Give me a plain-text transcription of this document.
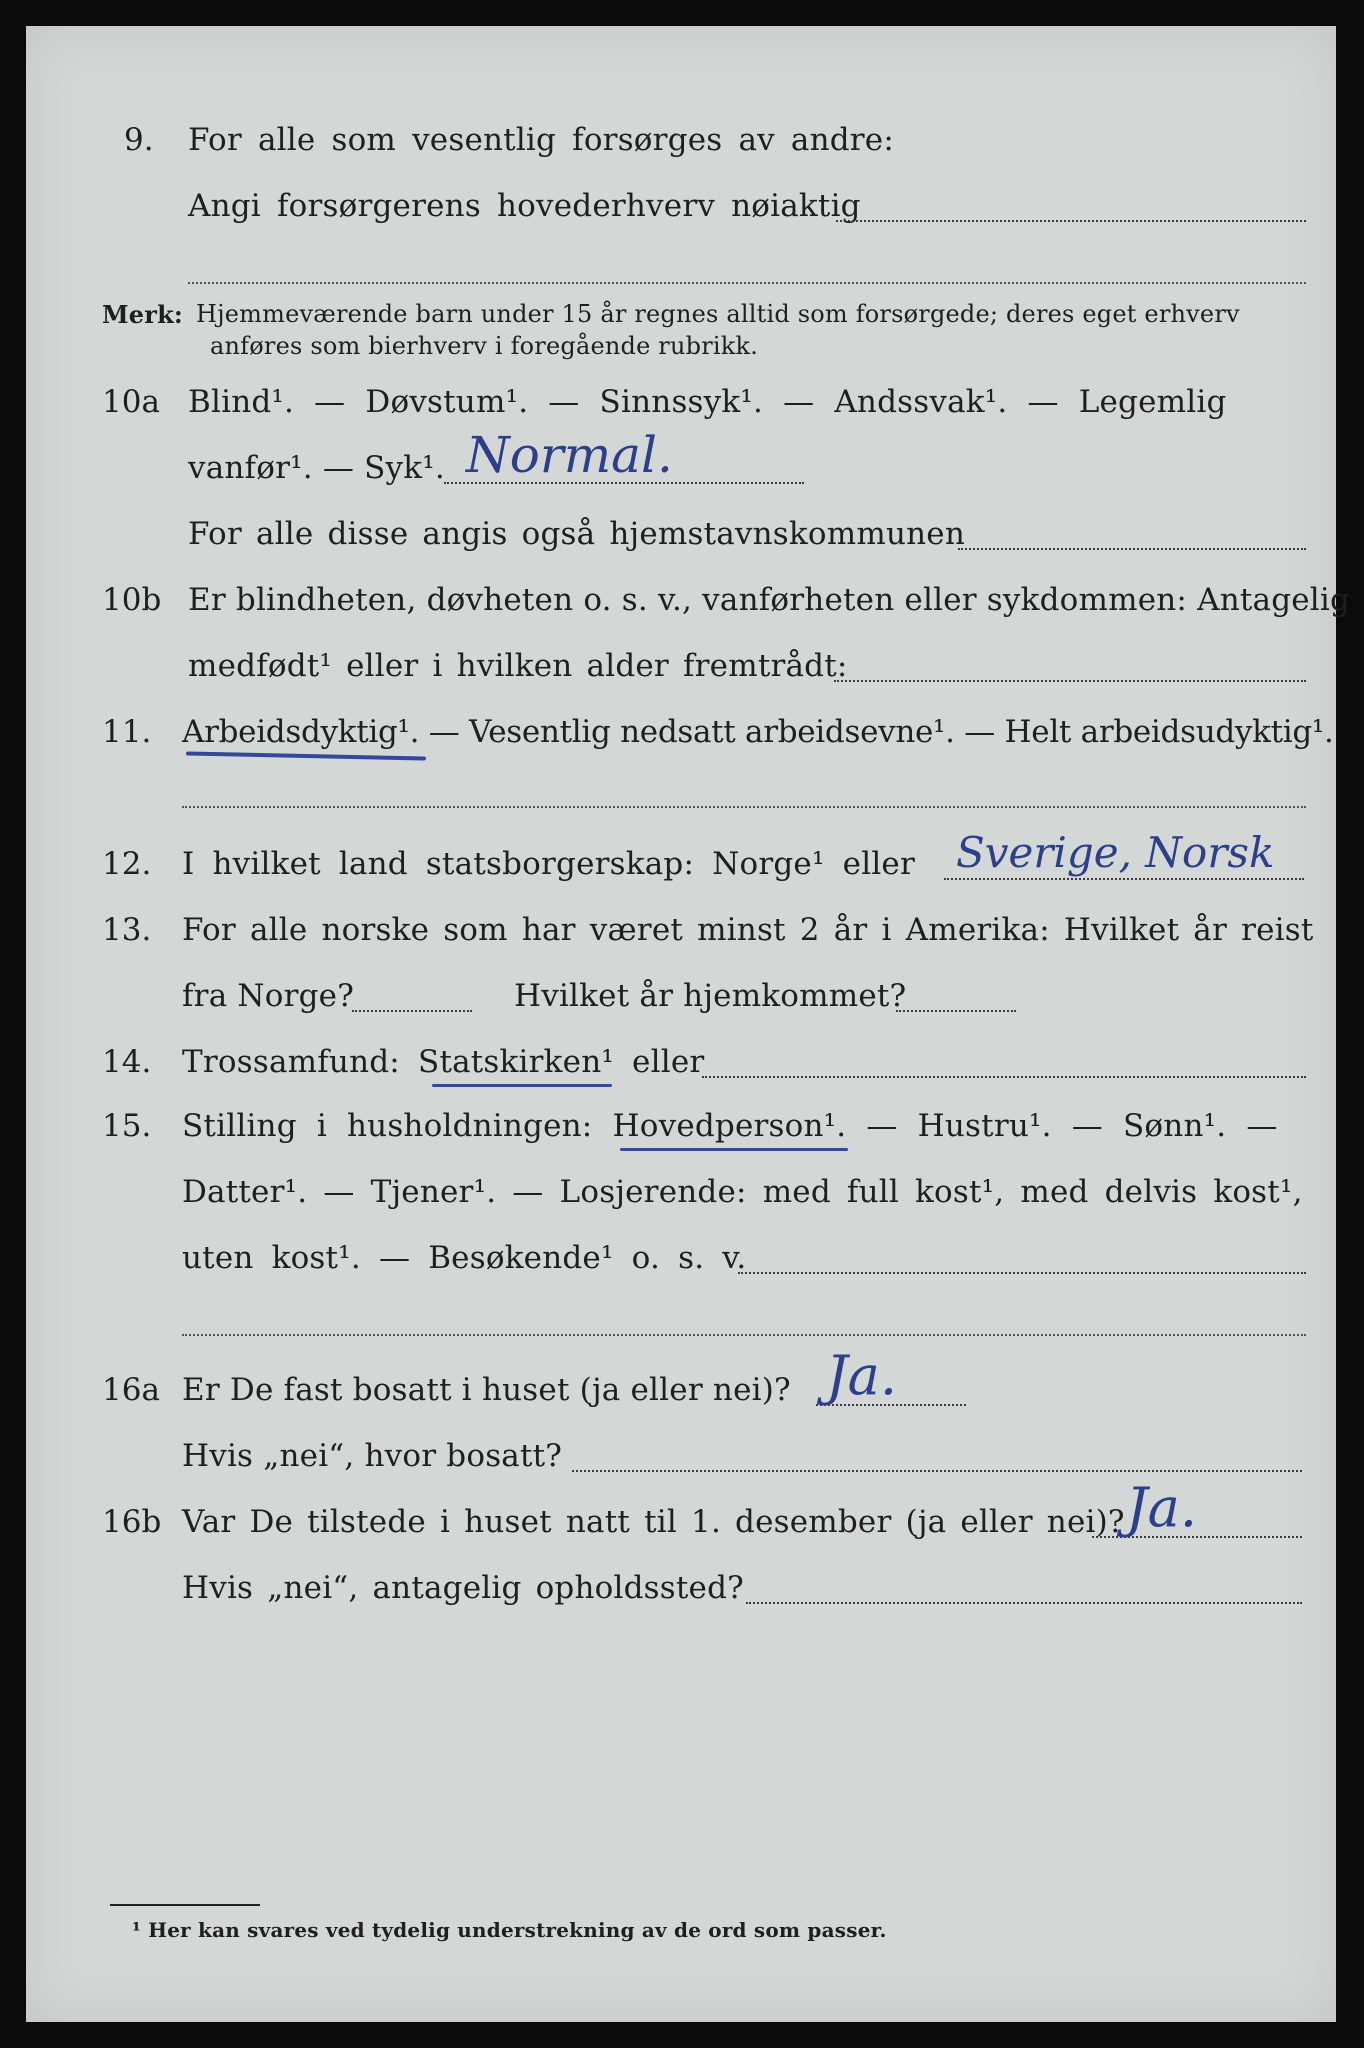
9. For alle som vesentlig forsørges av andre:
Angi forsørgerens hovederhverv nøiaktig
Merk: Hjemmeværende barn under 15 år regnes alltid som forsørgede; deres eget erhverv
anføres som bierhverv i foregående rubrikk.
10a Blind¹. — Døvstum¹. — Sinnssyk¹. — Andssvak¹. — Legemlig
vanfør¹. — Syk¹. Normal.
For alle disse angis også hjemstavnskommunen
10b Er blindheten, døvheten o. s. v., vanførheten eller sykdommen: Antagelig
medfødt¹ eller i hvilken alder fremtrådt:
11. Arbeidsdyktig¹. — Vesentlig nedsatt arbeidsevne¹. — Helt arbeidsudyktig¹.
12. I hvilket land statsborgerskap: Norge¹ eller Sverige, Norsk
13. For alle norske som har været minst 2 år i Amerika: Hvilket år reist
fra Norge?	Hvilket år hjemkommet?
14. Trossamfund: Statskirken¹ eller
15. Stilling i husholdningen: Hovedperson¹. — Hustru¹. — Sønn¹. —
Datter¹. — Tjener¹. — Losjerende: med full kost¹, med delvis kost¹,
uten kost¹. — Besøkende¹ o. s. v.
16a Er De fast bosatt i huset (ja eller nei)? Ja.
Hvis „nei“, hvor bosatt?
16b Var De tilstede i huset natt til 1. desember (ja eller nei)? Ja.
Hvis „nei“, antagelig opholdssted?
¹ Her kan svares ved tydelig understrekning av de ord som passer.
